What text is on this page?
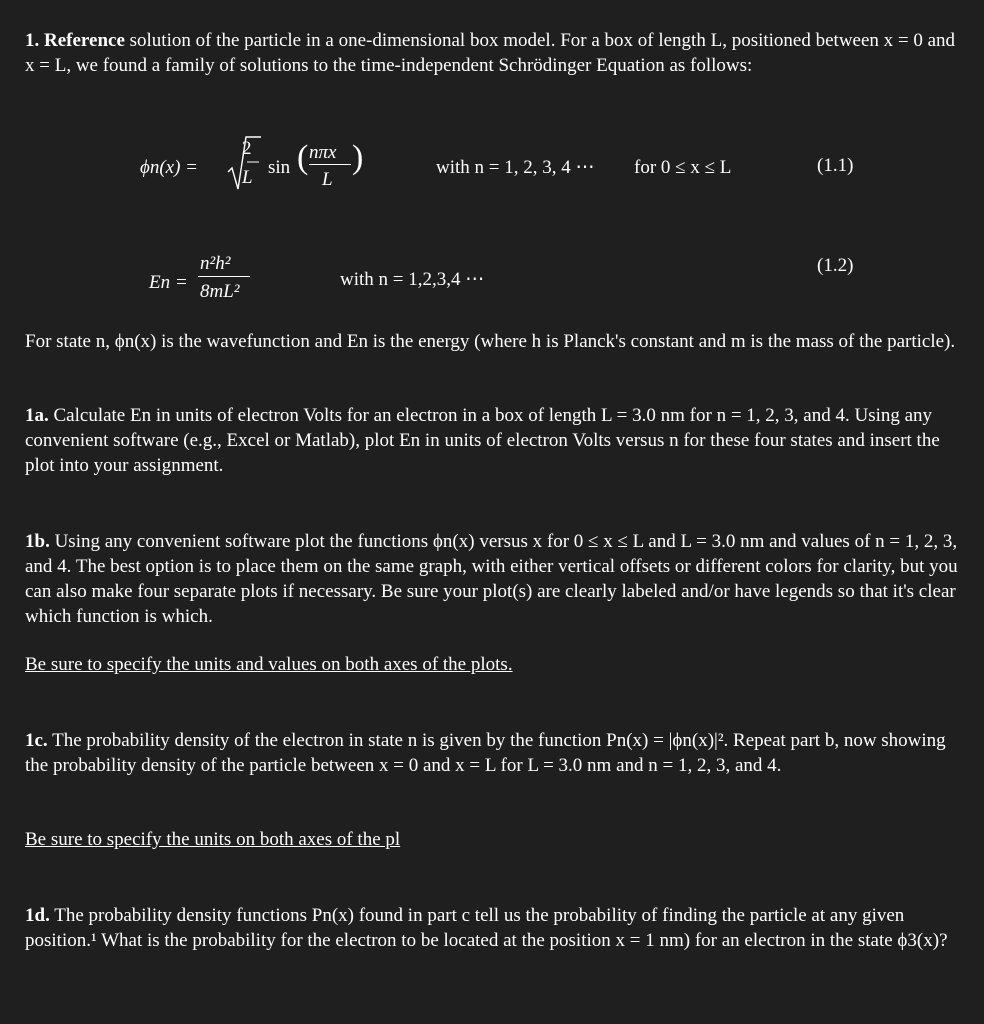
1. Reference solution of the particle in a one-dimensional box model. For a box of length L, positioned between x = 0 and x = L, we found a family of solutions to the time-independent Schrödinger Equation as follows:

ϕn(x) =
2
L sin ( nπx
L
)	with n = 1, 2, 3, 4 ⋯ for 0 ≤ x ≤ L	(1.1)
En =
n²h²
8mL²
with n = 1,2,3,4 ⋯
(1.2)

For state n, ϕn(x) is the wavefunction and En is the energy (where h is Planck's constant and m is the mass of the particle).

1a. Calculate En in units of electron Volts for an electron in a box of length L = 3.0 nm for n = 1, 2, 3, and 4. Using any convenient software (e.g., Excel or Matlab), plot En in units of electron Volts versus n for these four states and insert the plot into your assignment.

1b. Using any convenient software plot the functions ϕn(x) versus x for 0 ≤ x ≤ L and L = 3.0 nm and values of n = 1, 2, 3, and 4. The best option is to place them on the same graph, with either vertical offsets or different colors for clarity, but you can also make four separate plots if necessary. Be sure your plot(s) are clearly labeled and/or have legends so that it's clear which function is which.

Be sure to specify the units and values on both axes of the plots.

1c. The probability density of the electron in state n is given by the function Pn(x) = |ϕn(x)|². Repeat part b, now showing the probability density of the particle between x = 0 and x = L for L = 3.0 nm and n = 1, 2, 3, and 4.

Be sure to specify the units on both axes of the pl

1d. The probability density functions Pn(x) found in part c tell us the probability of finding the particle at any given position.¹ What is the probability for the electron to be located at the position x = 1 nm) for an electron in the state ϕ3(x)?
